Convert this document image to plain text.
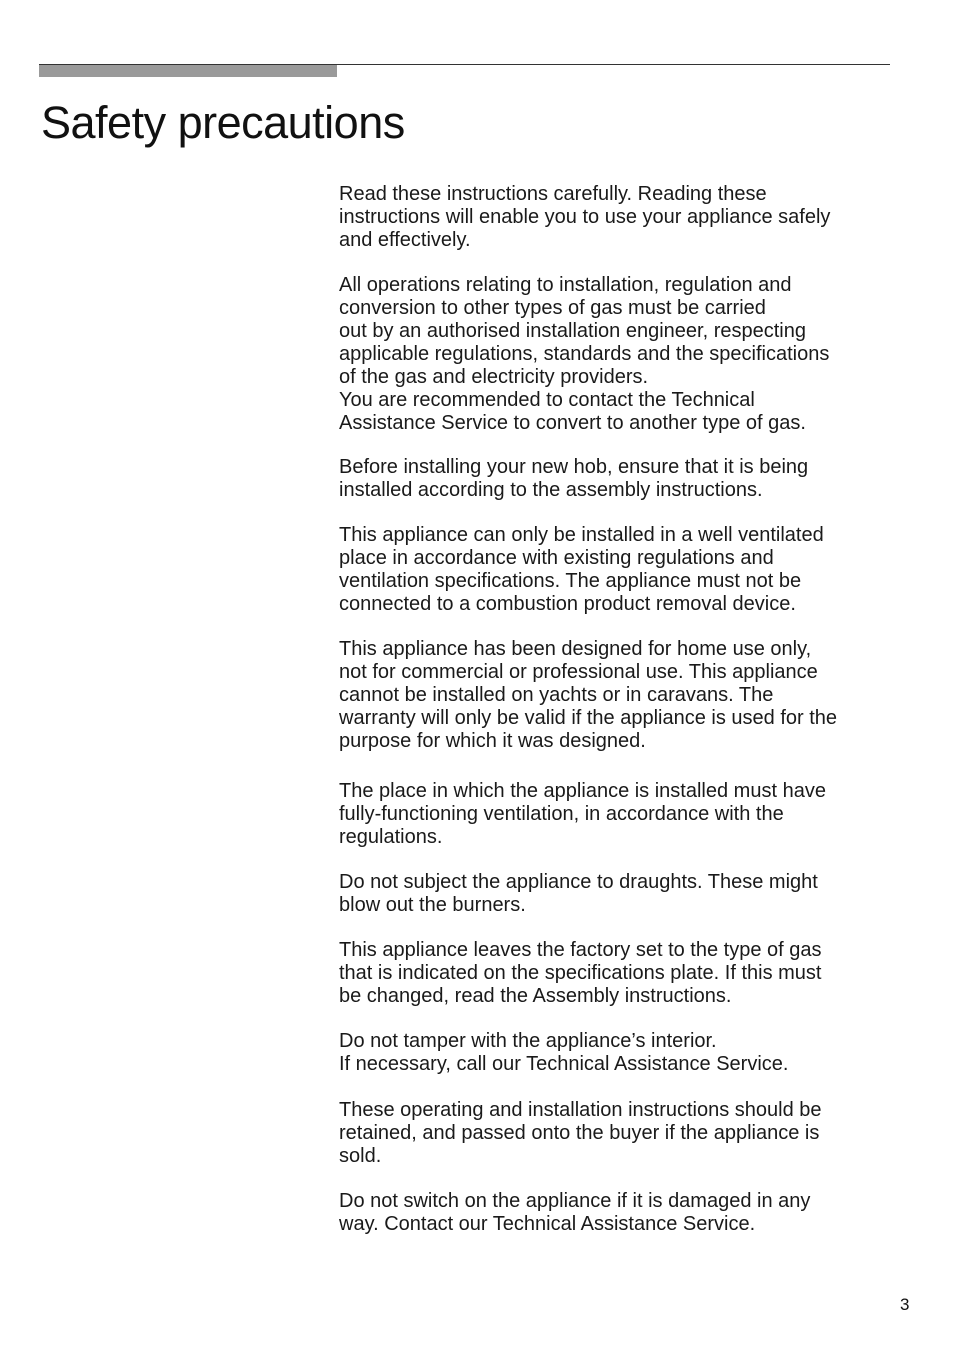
Safety precautions

Read these instructions carefully. Reading these
instructions will enable you to use your appliance safely
and effectively.

All operations relating to installation, regulation and
conversion to other types of gas must be carried
out by an authorised installation engineer, respecting
applicable regulations, standards and the specifications
of the gas and electricity providers.
You are recommended to contact the Technical
Assistance Service to convert to another type of gas.

Before installing your new hob, ensure that it is being
installed according to the assembly instructions.

This appliance can only be installed in a well ventilated
place in accordance with existing regulations and
ventilation specifications. The appliance must not be
connected to a combustion product removal device.

This appliance has been designed for home use only,
not for commercial or professional use. This appliance
cannot be installed on yachts or in caravans. The
warranty will only be valid if the appliance is used for the
purpose for which it was designed.

The place in which the appliance is installed must have
fully-functioning ventilation, in accordance with the
regulations.

Do not subject the appliance to draughts. These might
blow out the burners.

This appliance leaves the factory set to the type of gas
that is indicated on the specifications plate. If this must
be changed, read the Assembly instructions.

Do not tamper with the appliance’s interior.
If necessary, call our Technical Assistance Service.

These operating and installation instructions should be
retained, and passed onto the buyer if the appliance is
sold.

Do not switch on the appliance if it is damaged in any
way. Contact our Technical Assistance Service.

3
